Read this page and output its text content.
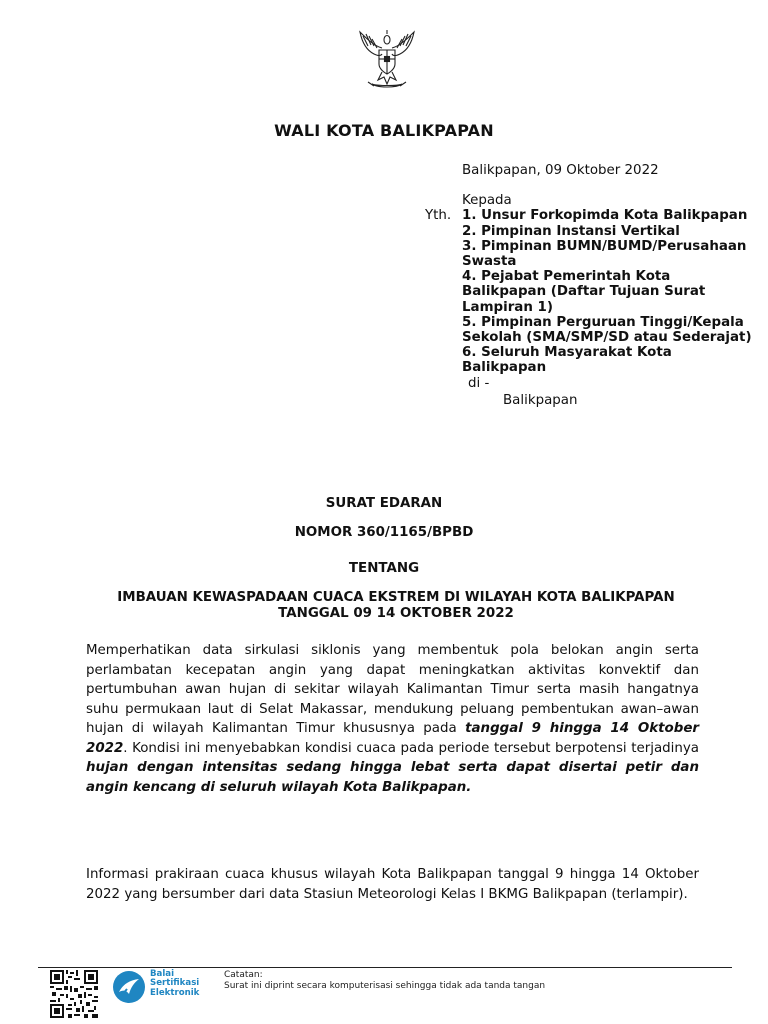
WALI KOTA BALIKPAPAN
Balikpapan, 09 Oktober 2022
Kepada
Yth. 1. Unsur Forkopimda Kota Balikpapan
2. Pimpinan Instansi Vertikal
3. Pimpinan BUMN/BUMD/Perusahaan Swasta
4. Pejabat Pemerintah Kota Balikpapan (Daftar Tujuan Surat Lampiran 1)
5. Pimpinan Perguruan Tinggi/Kepala Sekolah (SMA/SMP/SD atau Sederajat)
6. Seluruh Masyarakat Kota Balikpapan
di -
Balikpapan
SURAT EDARAN
NOMOR 360/1165/BPBD
TENTANG
IMBAUAN KEWASPADAAN CUACA EKSTREM DI WILAYAH KOTA BALIKPAPAN
TANGGAL 09 14 OKTOBER 2022
Memperhatikan data sirkulasi siklonis yang membentuk pola belokan angin serta perlambatan kecepatan angin yang dapat meningkatkan aktivitas konvektif dan pertumbuhan awan hujan di sekitar wilayah Kalimantan Timur serta masih hangatnya suhu permukaan laut di Selat Makassar, mendukung peluang pembentukan awan–awan hujan di wilayah Kalimantan Timur khususnya pada tanggal 9 hingga 14 Oktober 2022. Kondisi ini menyebabkan kondisi cuaca pada periode tersebut berpotensi terjadinya hujan dengan intensitas sedang hingga lebat serta dapat disertai petir dan angin kencang di seluruh wilayah Kota Balikpapan.
Informasi prakiraan cuaca khusus wilayah Kota Balikpapan tanggal 9 hingga 14 Oktober 2022 yang bersumber dari data Stasiun Meteorologi Kelas I BKMG Balikpapan (terlampir).
Balai
Sertifikasi
Elektronik
Catatan:
Surat ini diprint secara komputerisasi sehingga tidak ada tanda tangan
